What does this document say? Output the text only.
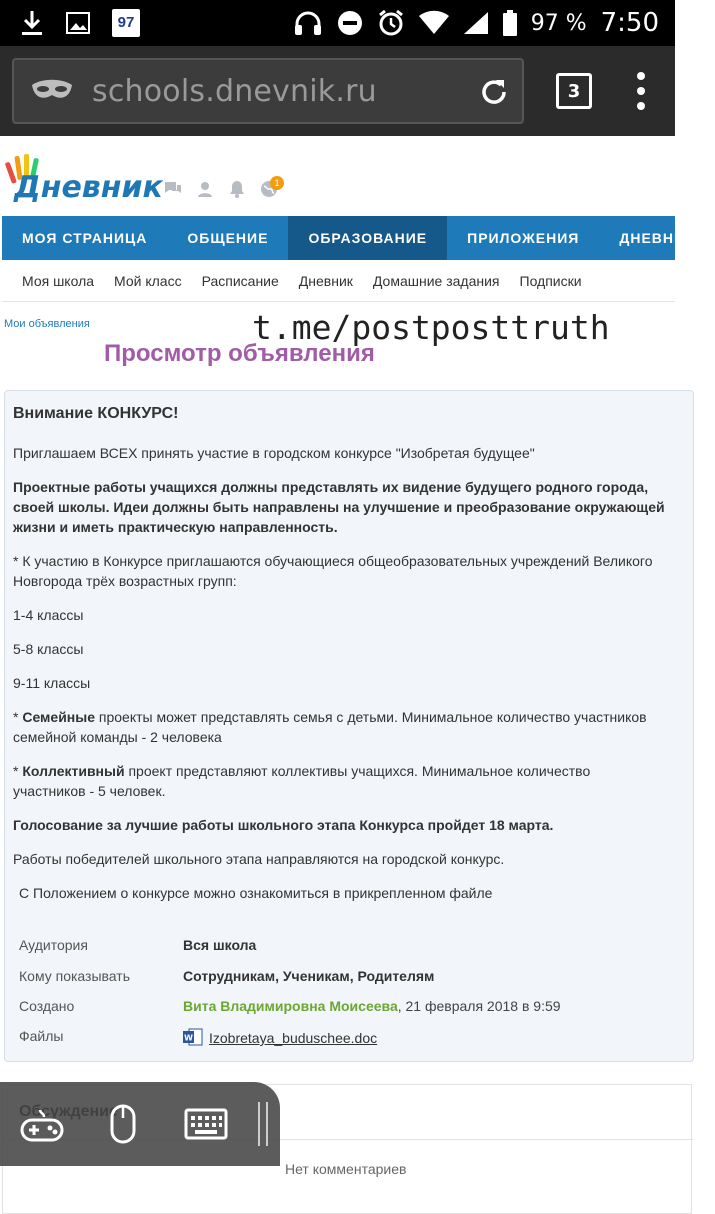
97	97 % 7:50
schools.dnevnik.ru	3
Дневник	1
МОЯ СТРАНИЦА	ОБЩЕНИЕ	ОБРАЗОВАНИЕ	ПРИЛОЖЕНИЯ	ДНЕВНИК
Моя школа Мой класс Расписание Дневник Домашние задания Подписки
Мои объявления	t.me/postposttruth
Просмотр объявления
Внимание КОНКУРС!

Приглашаем ВСЕХ принять участие в городском конкурсе "Изобретая будущее"

Проектные работы учащихся должны представлять их видение будущего родного города, своей школы. Идеи должны быть направлены на улучшение и преобразование окружающей жизни и иметь практическую направленность.

* К участию в Конкурсе приглашаются обучающиеся общеобразовательных учреждений Великого Новгорода трёх возрастных групп:

1-4 классы

5-8 классы

9-11 классы

* Семейные проекты может представлять семья с детьми. Минимальное количество участников семейной команды - 2 человека

* Коллективный проект представляют коллективы учащихся. Минимальное количество участников - 5 человек.

Голосование за лучшие работы школьного этапа Конкурса пройдет 18 марта.

Работы победителей школьного этапа направляются на городской конкурс.

С Положением о конкурсе можно ознакомиться в прикрепленном файле

Аудитория	Вся школа
Кому показывать	Сотрудникам, Ученикам, Родителям
Создано	Вита Владимировна Моисеева, 21 февраля 2018 в 9:59
Файлы	W Izobretaya_buduschee.doc
Нет комментариев
